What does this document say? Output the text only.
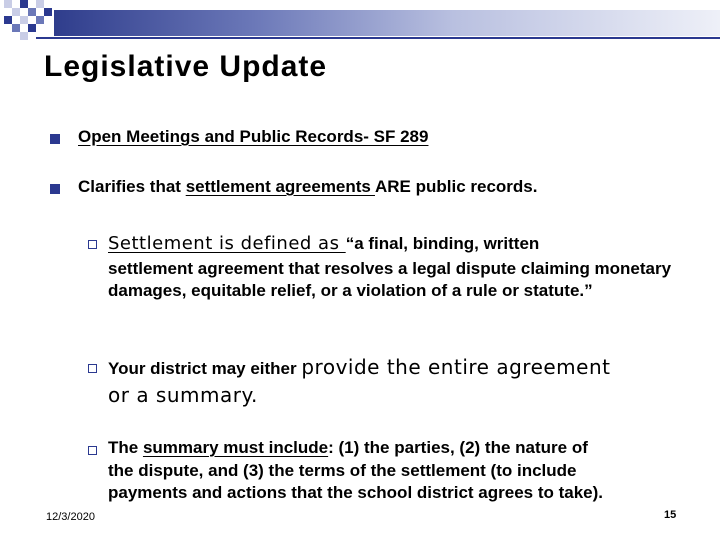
Legislative Update
Open Meetings and Public Records- SF 289
Clarifies that settlement agreements ARE public records.
Settlement is defined as “a final, binding, written
settlement agreement that resolves a legal dispute claiming monetary damages, equitable relief, or a violation of a rule or statute.”
Your district may either provide the entire agreement
or a summary.
The summary must include: (1) the parties, (2) the nature of
the dispute, and (3) the terms of the settlement (to include payments and actions that the school district agrees to take).
12/3/2020	15
